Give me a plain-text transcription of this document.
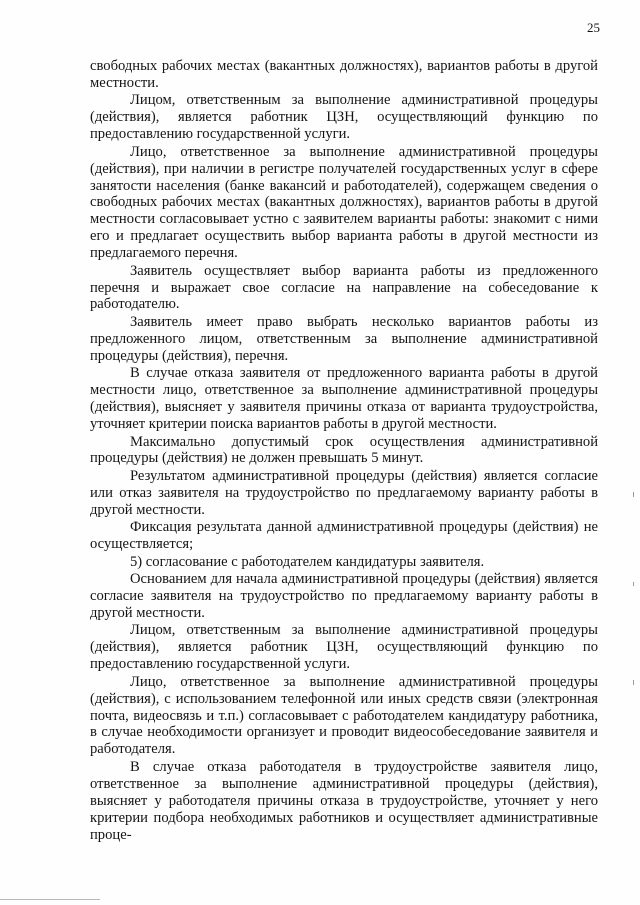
25

свободных рабочих местах (вакантных должностях), вариантов работы в другой местности.

Лицом, ответственным за выполнение административной процедуры (действия), является работник ЦЗН, осуществляющий функцию по предоставлению государственной услуги.

Лицо, ответственное за выполнение административной процедуры (действия), при наличии в регистре получателей государственных услуг в сфере занятости населения (банке вакансий и работодателей), содержащем сведения о свободных рабочих местах (вакантных должностях), вариантов работы в другой местности согласовывает устно с заявителем варианты работы: знакомит с ними его и предлагает осуществить выбор варианта работы в другой местности из предлагаемого перечня.

Заявитель осуществляет выбор варианта работы из предложенного перечня и выражает свое согласие на направление на собеседование к работодателю.

Заявитель имеет право выбрать несколько вариантов работы из предложенного лицом, ответственным за выполнение административной процедуры (действия), перечня.

В случае отказа заявителя от предложенного варианта работы в другой местности лицо, ответственное за выполнение административной процедуры (действия), выясняет у заявителя причины отказа от варианта трудоустройства, уточняет критерии поиска вариантов работы в другой местности.

Максимально допустимый срок осуществления административной процедуры (действия) не должен превышать 5 минут.

Результатом административной процедуры (действия) является согласие или отказ заявителя на трудоустройство по предлагаемому варианту работы в другой местности.

Фиксация результата данной административной процедуры (действия) не осуществляется;

5) согласование с работодателем кандидатуры заявителя.

Основанием для начала административной процедуры (действия) является согласие заявителя на трудоустройство по предлагаемому варианту работы в другой местности.

Лицом, ответственным за выполнение административной процедуры (действия), является работник ЦЗН, осуществляющий функцию по предоставлению государственной услуги.

Лицо, ответственное за выполнение административной процедуры (действия), с использованием телефонной или иных средств связи (электронная почта, видеосвязь и т.п.) согласовывает с работодателем кандидатуру работника, в случае необходимости организует и проводит видеособеседование заявителя и работодателя.

В случае отказа работодателя в трудоустройстве заявителя лицо, ответственное за выполнение административной процедуры (действия), выясняет у работодателя причины отказа в трудоустройстве, уточняет у него критерии подбора необходимых работников и осуществляет административные проце-
